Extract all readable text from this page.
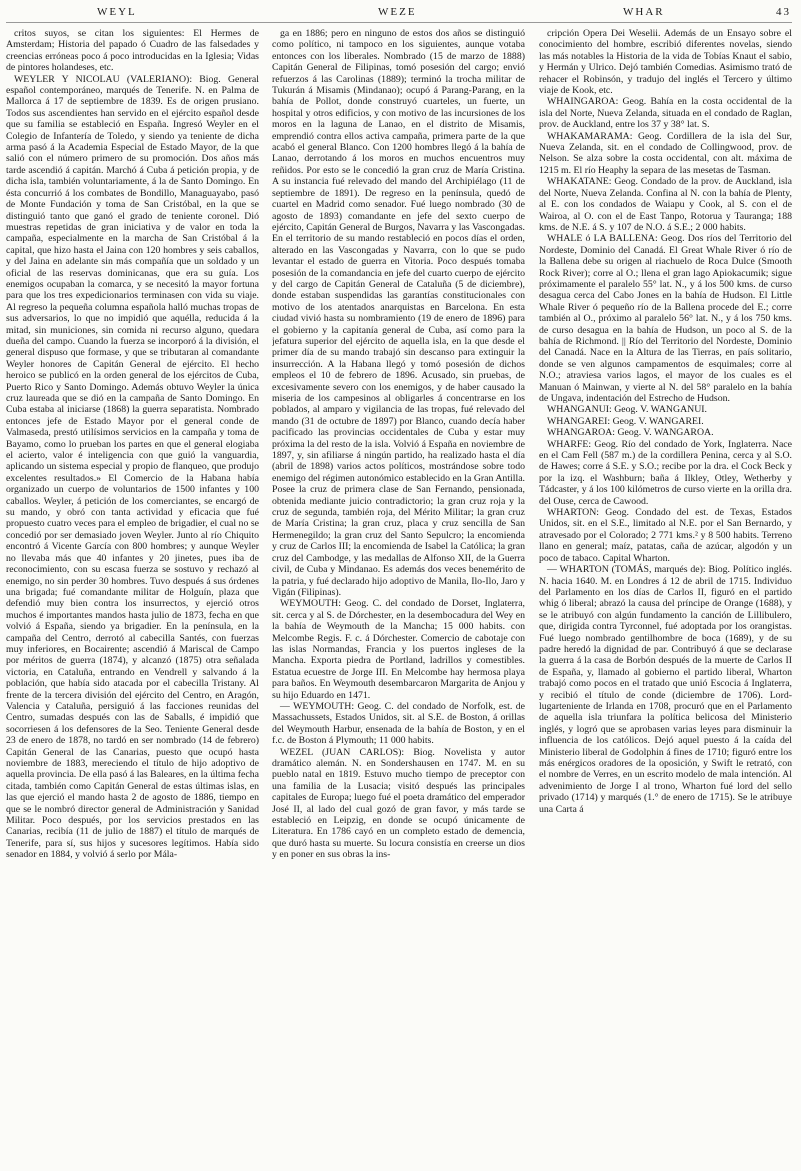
WEYL	WEZE	WHAR	43

critos suyos, se citan los siguientes: El Hermes de Amsterdam; Historia del papado ó Cuadro de las falsedades y creencias erróneas poco á poco introducidas en la Iglesia; Vidas de pintores holandeses, etc.

WEYLER Y NICOLAU (VALERIANO): Biog. General español contemporáneo, marqués de Tenerife. N. en Palma de Mallorca á 17 de septiembre de 1839. Es de origen prusiano. Todos sus ascendientes han servido en el ejército español desde que su familia se estableció en España. Ingresó Weyler en el Colegio de Infantería de Toledo, y siendo ya teniente de dicha arma pasó á la Academia Especial de Estado Mayor, de la que salió con el número primero de su promoción. Dos años más tarde ascendió á capitán. Marchó á Cuba á petición propia, y de dicha isla, también voluntariamente, á la de Santo Domingo. En ésta concurrió á los combates de Bondillo, Managuayabo, pasó de Monte Fundación y toma de San Cristóbal, en la que se distinguió tanto que ganó el grado de teniente coronel. Dió muestras repetidas de gran iniciativa y de valor en toda la campaña, especialmente en la marcha de San Cristóbal á la capital, que hizo hasta el Jaina con 120 hombres y seis caballos, y del Jaina en adelante sin más compañía que un soldado y un oficial de las reservas dominicanas, que era su guía. Los enemigos ocupaban la comarca, y se necesitó la mayor fortuna para que los tres expedicionarios terminasen con vida su viaje. Al regreso la pequeña columna española halló muchas tropas de sus adversarios, lo que no impidió que aquélla, reducida á la mitad, sin municiones, sin comida ni recurso alguno, quedara dueña del campo. Cuando la fuerza se incorporó á la división, el general dispuso que formase, y que se tributaran al comandante Weyler honores de Capitán General de ejército. El hecho heroico se publicó en la orden general de los ejércitos de Cuba, Puerto Rico y Santo Domingo. Además obtuvo Weyler la única cruz laureada que se dió en la campaña de Santo Domingo. En Cuba estaba al iniciarse (1868) la guerra separatista. Nombrado entonces jefe de Estado Mayor por el general conde de Valmaseda, prestó utilísimos servicios en la campaña y toma de Bayamo, como lo prueban los partes en que el general elogiaba el acierto, valor é inteligencia con que guió la vanguardia, aplicando un sistema especial y propio de flanqueo, que produjo excelentes resultados.» El Comercio de la Habana había organizado un cuerpo de voluntarios de 1500 infantes y 100 caballos. Weyler, á petición de los comerciantes, se encargó de su mando, y obró con tanta actividad y eficacia que fué propuesto cuatro veces para el empleo de brigadier, el cual no se concedió por ser demasiado joven Weyler. Junto al río Chiquito encontró á Vicente García con 800 hombres; y aunque Weyler no llevaba más que 40 infantes y 20 jinetes, pues iba de reconocimiento, con su escasa fuerza se sostuvo y rechazó al enemigo, no sin perder 30 hombres. Tuvo después á sus órdenes una brigada; fué comandante militar de Holguín, plaza que defendió muy bien contra los insurrectos, y ejerció otros muchos é importantes mandos hasta julio de 1873, fecha en que volvió á España, siendo ya brigadier. En la península, en la campaña del Centro, derrotó al cabecilla Santés, con fuerzas muy inferiores, en Bocairente; ascendió á Mariscal de Campo por méritos de guerra (1874), y alcanzó (1875) otra señalada victoria, en Cataluña, entrando en Vendrell y salvando á la población, que había sido atacada por el cabecilla Tristany. Al frente de la tercera división del ejército del Centro, en Aragón, Valencia y Cataluña, persiguió á las facciones reunidas del Centro, sumadas después con las de Saballs, é impidió que socorriesen á los defensores de la Seo. Teniente General desde 23 de enero de 1878, no tardó en ser nombrado (14 de febrero) Capitán General de las Canarias, puesto que ocupó hasta noviembre de 1883, mereciendo el título de hijo adoptivo de aquella provincia. De ella pasó á las Baleares, en la última fecha citada, también como Capitán General de estas últimas islas, en las que ejerció el mando hasta 2 de agosto de 1886, tiempo en que se le nombró director general de Administración y Sanidad Militar. Poco después, por los servicios prestados en las Canarias, recibía (11 de julio de 1887) el título de marqués de Tenerife, para sí, sus hijos y sucesores legítimos. Había sido senador en 1884, y volvió á serlo por Mála-

ga en 1886; pero en ninguno de estos dos años se distinguió como político, ni tampoco en los siguientes, aunque votaba entonces con los liberales. Nombrado (15 de marzo de 1888) Capitán General de Filipinas, tomó posesión del cargo; envió refuerzos á las Carolinas (1889); terminó la trocha militar de Tukurán á Misamis (Mindanao); ocupó á Parang-Parang, en la bahía de Pollot, donde construyó cuarteles, un fuerte, un hospital y otros edificios, y con motivo de las incursiones de los moros en la laguna de Lanao, en el distrito de Misamis, emprendió contra ellos activa campaña, primera parte de la que acabó el general Blanco. Con 1200 hombres llegó á la bahía de Lanao, derrotando á los moros en muchos encuentros muy reñidos. Por esto se le concedió la gran cruz de María Cristina. A su instancia fué relevado del mando del Archipiélago (11 de septiembre de 1891). De regreso en la península, quedó de cuartel en Madrid como senador. Fué luego nombrado (30 de agosto de 1893) comandante en jefe del sexto cuerpo de ejército, Capitán General de Burgos, Navarra y las Vascongadas. En el territorio de su mando restableció en pocos días el orden, alterado en las Vascongadas y Navarra, con lo que se pudo levantar el estado de guerra en Vitoria. Poco después tomaba posesión de la comandancia en jefe del cuarto cuerpo de ejército y del cargo de Capitán General de Cataluña (5 de diciembre), donde estaban suspendidas las garantías constitucionales con motivo de los atentados anarquistas en Barcelona. En esta ciudad vivió hasta su nombramiento (19 de enero de 1896) para el gobierno y la capitanía general de Cuba, así como para la jefatura superior del ejército de aquella isla, en la que desde el primer día de su mando trabajó sin descanso para extinguir la insurrección. A la Habana llegó y tomó posesión de dichos empleos el 10 de febrero de 1896. Acusado, sin pruebas, de excesivamente severo con los enemigos, y de haber causado la miseria de los campesinos al obligarles á concentrarse en los poblados, al amparo y vigilancia de las tropas, fué relevado del mando (31 de octubre de 1897) por Blanco, cuando decía haber pacificado las provincias occidentales de Cuba y estar muy próxima la del resto de la isla. Volvió á España en noviembre de 1897, y, sin afiliarse á ningún partido, ha realizado hasta el día (abril de 1898) varios actos políticos, mostrándose sobre todo enemigo del régimen autonómico establecido en la Gran Antilla. Posee la cruz de primera clase de San Fernando, pensionada, obtenida mediante juicio contradictorio; la gran cruz roja y la cruz de segunda, también roja, del Mérito Militar; la gran cruz de María Cristina; la gran cruz, placa y cruz sencilla de San Hermenegildo; la gran cruz del Santo Sepulcro; la encomienda y cruz de Carlos III; la encomienda de Isabel la Católica; la gran cruz del Cambodge, y las medallas de Alfonso XII, de la Guerra civil, de Cuba y Mindanao. Es además dos veces benemérito de la patria, y fué declarado hijo adoptivo de Manila, Ilo-Ilo, Jaro y Vigán (Filipinas).

WEYMOUTH: Geog. C. del condado de Dorset, Inglaterra, sit. cerca y al S. de Dórchester, en la desembocadura del Wey en la bahía de Weymouth de la Mancha; 15 000 habits. con Melcombe Regis. F. c. á Dórchester. Comercio de cabotaje con las islas Normandas, Francia y los puertos ingleses de la Mancha. Exporta piedra de Portland, ladrillos y comestibles. Estatua ecuestre de Jorge III. En Melcombe hay hermosa playa para baños. En Weymouth desembarcaron Margarita de Anjou y su hijo Eduardo en 1471.

— WEYMOUTH: Geog. C. del condado de Norfolk, est. de Massachussets, Estados Unidos, sit. al S.E. de Boston, á orillas del Weymouth Harbur, ensenada de la bahía de Boston, y en el f.c. de Boston á Plymouth; 11 000 habits.

WEZEL (JUAN CARLOS): Biog. Novelista y autor dramático alemán. N. en Sondershausen en 1747. M. en su pueblo natal en 1819. Estuvo mucho tiempo de preceptor con una familia de la Lusacia; visitó después las principales capitales de Europa; luego fué el poeta dramático del emperador José II, al lado del cual gozó de gran favor, y más tarde se estableció en Leipzig, en donde se ocupó únicamente de Literatura. En 1786 cayó en un completo estado de demencia, que duró hasta su muerte. Su locura consistía en creerse un dios y en poner en sus obras la ins-

cripción Opera Dei Weselii. Además de un Ensayo sobre el conocimiento del hombre, escribió diferentes novelas, siendo las más notables la Historia de la vida de Tobías Knaut el sabio, y Hermán y Ulrico. Dejó también Comedias. Asimismo trató de rehacer el Robinsón, y tradujo del inglés el Tercero y último viaje de Kook, etc.

WHAINGAROA: Geog. Bahía en la costa occidental de la isla del Norte, Nueva Zelanda, situada en el condado de Raglan, prov. de Auckland, entre los 37 y 38° lat. S.

WHAKAMARAMA: Geog. Cordillera de la isla del Sur, Nueva Zelanda, sit. en el condado de Collingwood, prov. de Nelson. Se alza sobre la costa occidental, con alt. máxima de 1215 m. El río Heaphy la separa de las mesetas de Tasman.

WHAKATANE: Geog. Condado de la prov. de Auckland, isla del Norte, Nueva Zelanda. Confina al N. con la bahía de Plenty, al E. con los condados de Waiapu y Cook, al S. con el de Wairoa, al O. con el de East Tanpo, Rotorua y Tauranga; 188 kms. de N.E. á S. y 107 de N.O. á S.E.; 2 000 habits.

WHALE ó LA BALLENA: Geog. Dos ríos del Territorio del Nordeste, Dominio del Canadá. El Great Whale River ó río de la Ballena debe su origen al riachuelo de Roca Dulce (Smooth Rock River); corre al O.; llena el gran lago Apiokacumik; sigue próximamente el paralelo 55° lat. N., y á los 500 kms. de curso desagua cerca del Cabo Jones en la bahía de Hudson. El Little Whale River ó pequeño río de la Ballena procede del E.; corre también al O., próximo al paralelo 56° lat. N., y á los 750 kms. de curso desagua en la bahía de Hudson, un poco al S. de la bahía de Richmond. || Río del Territorio del Nordeste, Dominio del Canadá. Nace en la Altura de las Tierras, en país solitario, donde se ven algunos campamentos de esquimales; corre al N.O.; atraviesa varios lagos, el mayor de los cuales es el Manuan ó Mainwan, y vierte al N. del 58° paralelo en la bahía de Ungava, indentación del Estrecho de Hudson.

WHANGANUI: Geog. V. WANGANUI.

WHANGAREI: Geog. V. WANGAREI.

WHANGAROA: Geog. V. WANGAROA.

WHARFE: Geog. Río del condado de York, Inglaterra. Nace en el Cam Fell (587 m.) de la cordillera Penina, cerca y al S.O. de Hawes; corre á S.E. y S.O.; recibe por la dra. el Cock Beck y por la izq. el Washburn; baña á Ilkley, Otley, Wetherby y Tádcaster, y á los 100 kilómetros de curso vierte en la orilla dra. del Ouse, cerca de Cawood.

WHARTON: Geog. Condado del est. de Texas, Estados Unidos, sit. en el S.E., limitado al N.E. por el San Bernardo, y atravesado por el Colorado; 2 771 kms.² y 8 500 habits. Terreno llano en general; maíz, patatas, caña de azúcar, algodón y un poco de tabaco. Capital Wharton.

— WHARTON (TOMÁS, marqués de): Biog. Político inglés. N. hacia 1640. M. en Londres á 12 de abril de 1715. Individuo del Parlamento en los días de Carlos II, figuró en el partido whig ó liberal; abrazó la causa del príncipe de Orange (1688), y se le atribuyó con algún fundamento la canción de Lillibulero, que, dirigida contra Tyrconnel, fué adoptada por los orangistas. Fué luego nombrado gentilhombre de boca (1689), y de su padre heredó la dignidad de par. Contribuyó á que se declarase la guerra á la casa de Borbón después de la muerte de Carlos II de España, y, llamado al gobierno el partido liberal, Wharton trabajó como pocos en el tratado que unió Escocia á Inglaterra, y recibió el título de conde (diciembre de 1706). Lord-lugarteniente de Irlanda en 1708, procuró que en el Parlamento de aquella isla triunfara la política belicosa del Ministerio inglés, y logró que se aprobasen varias leyes para disminuir la influencia de los católicos. Dejó aquel puesto á la caída del Ministerio liberal de Godolphin á fines de 1710; figuró entre los más enérgicos oradores de la oposición, y Swift le retrató, con el nombre de Verres, en un escrito modelo de mala intención. Al advenimiento de Jorge I al trono, Wharton fué lord del sello privado (1714) y marqués (1.° de enero de 1715). Se le atribuye una Carta á
